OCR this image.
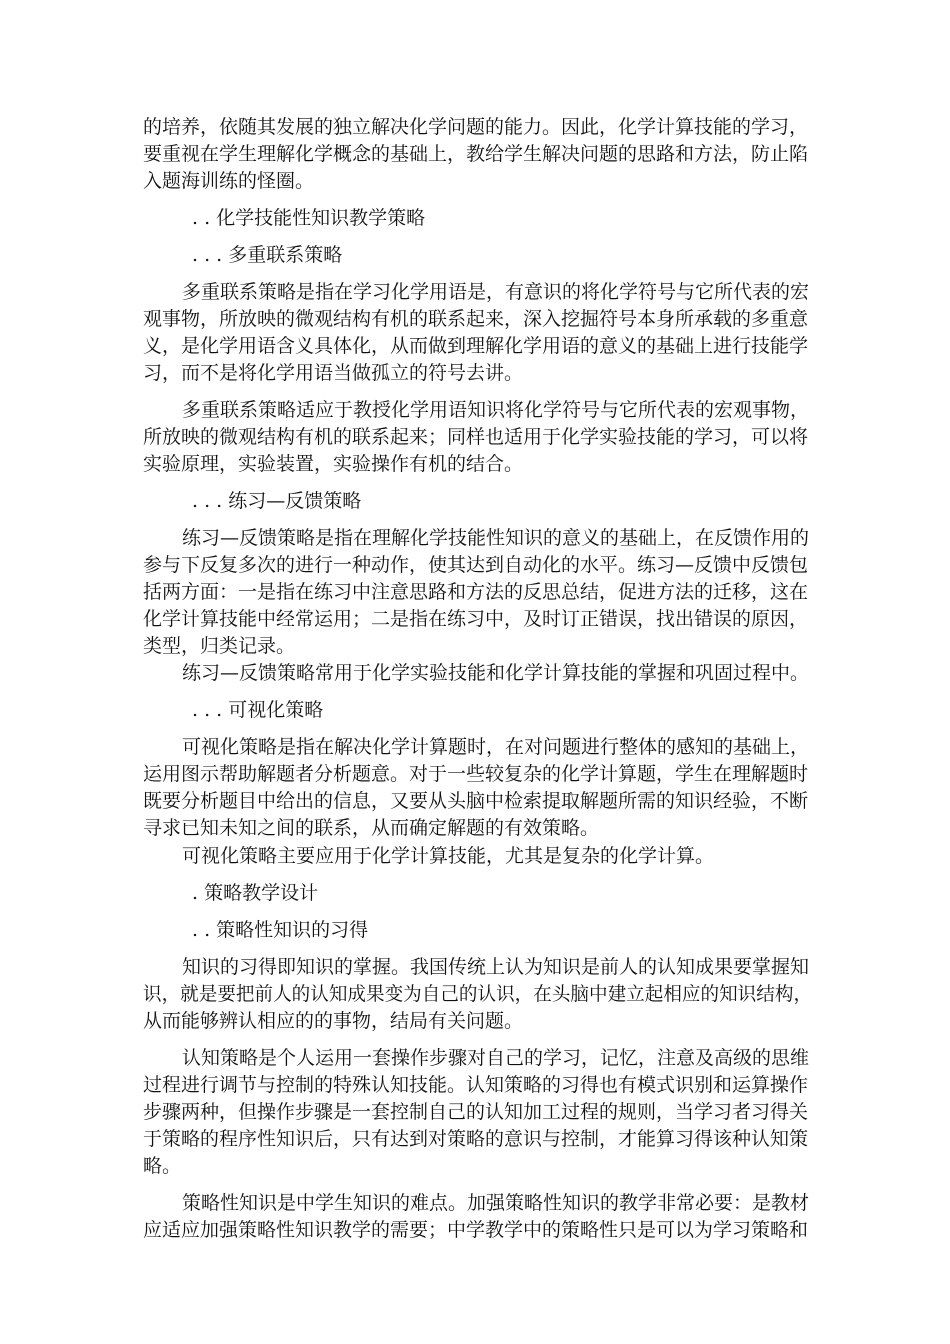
的培养，依随其发展的独立解决化学问题的能力。因此，化学计算技能的学习，
要重视在学生理解化学概念的基础上，教给学生解决问题的思路和方法，防止陷
入题海训练的怪圈。
. . 化学技能性知识教学策略
. . . 多重联系策略
多重联系策略是指在学习化学用语是，有意识的将化学符号与它所代表的宏
观事物，所放映的微观结构有机的联系起来，深入挖掘符号本身所承载的多重意
义，是化学用语含义具体化，从而做到理解化学用语的意义的基础上进行技能学
习，而不是将化学用语当做孤立的符号去讲。
多重联系策略适应于教授化学用语知识将化学符号与它所代表的宏观事物，
所放映的微观结构有机的联系起来；同样也适用于化学实验技能的学习，可以将
实验原理，实验装置，实验操作有机的结合。
. . . 练习—反馈策略
练习—反馈策略是指在理解化学技能性知识的意义的基础上，在反馈作用的
参与下反复多次的进行一种动作，使其达到自动化的水平。练习—反馈中反馈包
括两方面：一是指在练习中注意思路和方法的反思总结，促进方法的迁移，这在
化学计算技能中经常运用；二是指在练习中，及时订正错误，找出错误的原因，
类型，归类记录。
练习—反馈策略常用于化学实验技能和化学计算技能的掌握和巩固过程中。
. . . 可视化策略
可视化策略是指在解决化学计算题时，在对问题进行整体的感知的基础上，
运用图示帮助解题者分析题意。对于一些较复杂的化学计算题，学生在理解题时
既要分析题目中给出的信息，又要从头脑中检索提取解题所需的知识经验，不断
寻求已知未知之间的联系，从而确定解题的有效策略。
可视化策略主要应用于化学计算技能，尤其是复杂的化学计算。
. 策略教学设计
. . 策略性知识的习得
知识的习得即知识的掌握。我国传统上认为知识是前人的认知成果要掌握知
识，就是要把前人的认知成果变为自己的认识，在头脑中建立起相应的知识结构，
从而能够辨认相应的的事物，结局有关问题。
认知策略是个人运用一套操作步骤对自己的学习，记忆，注意及高级的思维
过程进行调节与控制的特殊认知技能。认知策略的习得也有模式识别和运算操作
步骤两种，但操作步骤是一套控制自己的认知加工过程的规则，当学习者习得关
于策略的程序性知识后，只有达到对策略的意识与控制，才能算习得该种认知策
略。
策略性知识是中学生知识的难点。加强策略性知识的教学非常必要：是教材
应适应加强策略性知识教学的需要；中学教学中的策略性只是可以为学习策略和
